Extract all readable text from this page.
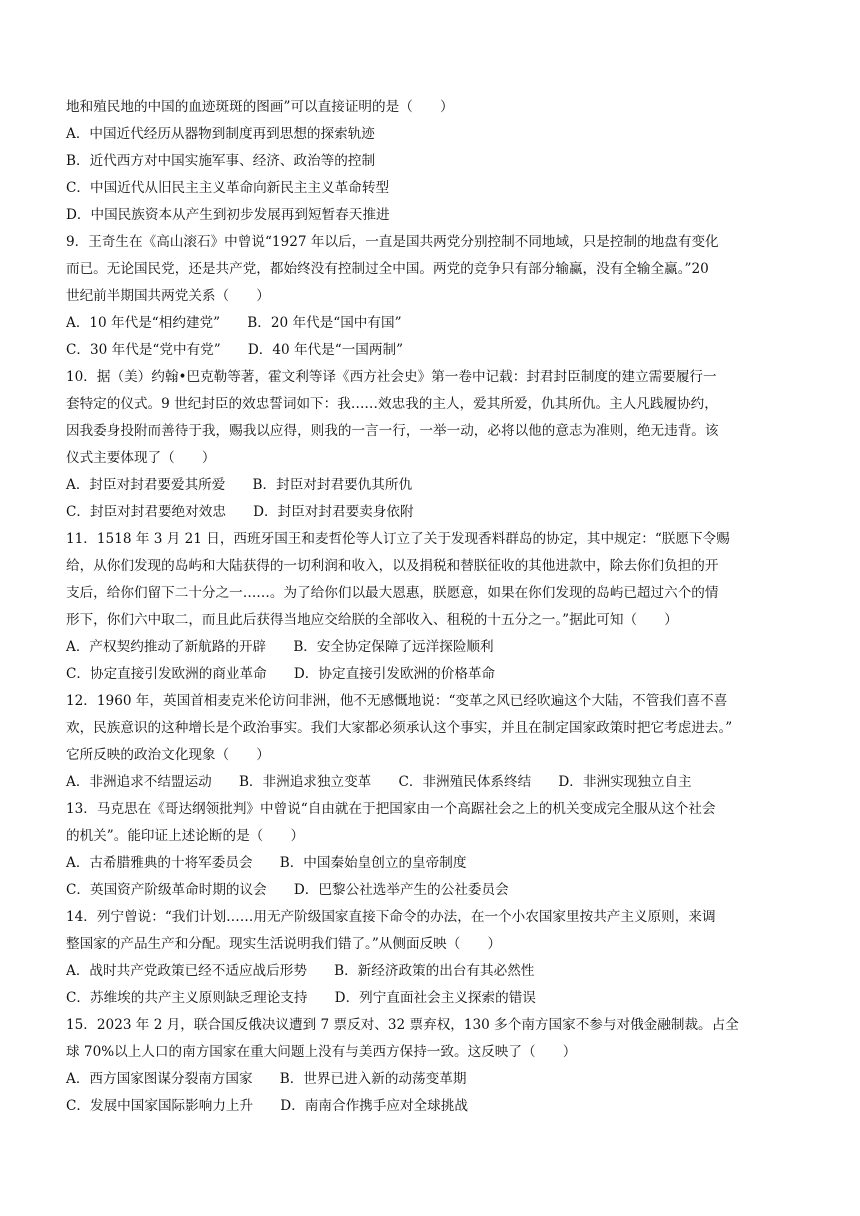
地和殖民地的中国的血迹斑斑的图画”可以直接证明的是（　　）
A．中国近代经历从器物到制度再到思想的探索轨迹
B．近代西方对中国实施军事、经济、政治等的控制
C．中国近代从旧民主主义革命向新民主主义革命转型
D．中国民族资本从产生到初步发展再到短暂春天推进
9．王奇生在《高山滚石》中曾说“1927 年以后，一直是国共两党分别控制不同地域，只是控制的地盘有变化
而已。无论国民党，还是共产党，都始终没有控制过全中国。两党的竞争只有部分输赢，没有全输全赢。”20
世纪前半期国共两党关系（　　）
A．10 年代是“相约建党”　　B．20 年代是“国中有国”
C．30 年代是“党中有党”　　D．40 年代是“一国两制”
10．据（美）约翰•巴克勒等著，霍文利等译《西方社会史》第一卷中记载：封君封臣制度的建立需要履行一
套特定的仪式。9 世纪封臣的效忠誓词如下：我……效忠我的主人，爱其所爱，仇其所仇。主人凡践履协约，
因我委身投附而善待于我，赐我以应得，则我的一言一行，一举一动，必将以他的意志为准则，绝无违背。该
仪式主要体现了（　　）
A．封臣对封君要爱其所爱　　B．封臣对封君要仇其所仇
C．封臣对封君要绝对效忠　　D．封臣对封君要卖身依附
11．1518 年 3 月 21 日，西班牙国王和麦哲伦等人订立了关于发现香料群岛的协定，其中规定：“朕愿下令赐
给，从你们发现的岛屿和大陆获得的一切利润和收入，以及捐税和替朕征收的其他进款中，除去你们负担的开
支后，给你们留下二十分之一……。为了给你们以最大恩惠，朕愿意，如果在你们发现的岛屿已超过六个的情
形下，你们六中取二，而且此后获得当地应交给朕的全部收入、租税的十五分之一。”据此可知（　　）
A．产权契约推动了新航路的开辟　　B．安全协定保障了远洋探险顺利
C．协定直接引发欧洲的商业革命　　D．协定直接引发欧洲的价格革命
12．1960 年，英国首相麦克米伦访问非洲，他不无感慨地说：“变革之风已经吹遍这个大陆，不管我们喜不喜
欢，民族意识的这种增长是个政治事实。我们大家都必须承认这个事实，并且在制定国家政策时把它考虑进去。”
它所反映的政治文化现象（　　）
A．非洲追求不结盟运动　　B．非洲追求独立变革　　C．非洲殖民体系终结　　D．非洲实现独立自主
13．马克思在《哥达纲领批判》中曾说“自由就在于把国家由一个高踞社会之上的机关变成完全服从这个社会
的机关”。能印证上述论断的是（　　）
A．古希腊雅典的十将军委员会　　B．中国秦始皇创立的皇帝制度
C．英国资产阶级革命时期的议会　　D．巴黎公社选举产生的公社委员会
14．列宁曾说：“我们计划……用无产阶级国家直接下命令的办法，在一个小农国家里按共产主义原则，来调
整国家的产品生产和分配。现实生活说明我们错了。”从侧面反映（　　）
A．战时共产党政策已经不适应战后形势　　B．新经济政策的出台有其必然性
C．苏维埃的共产主义原则缺乏理论支持　　D．列宁直面社会主义探索的错误
15．2023 年 2 月，联合国反俄决议遭到 7 票反对、32 票弃权，130 多个南方国家不参与对俄金融制裁。占全
球 70%以上人口的南方国家在重大问题上没有与美西方保持一致。这反映了（　　）
A．西方国家图谋分裂南方国家　　B．世界已进入新的动荡变革期
C．发展中国家国际影响力上升　　D．南南合作携手应对全球挑战
